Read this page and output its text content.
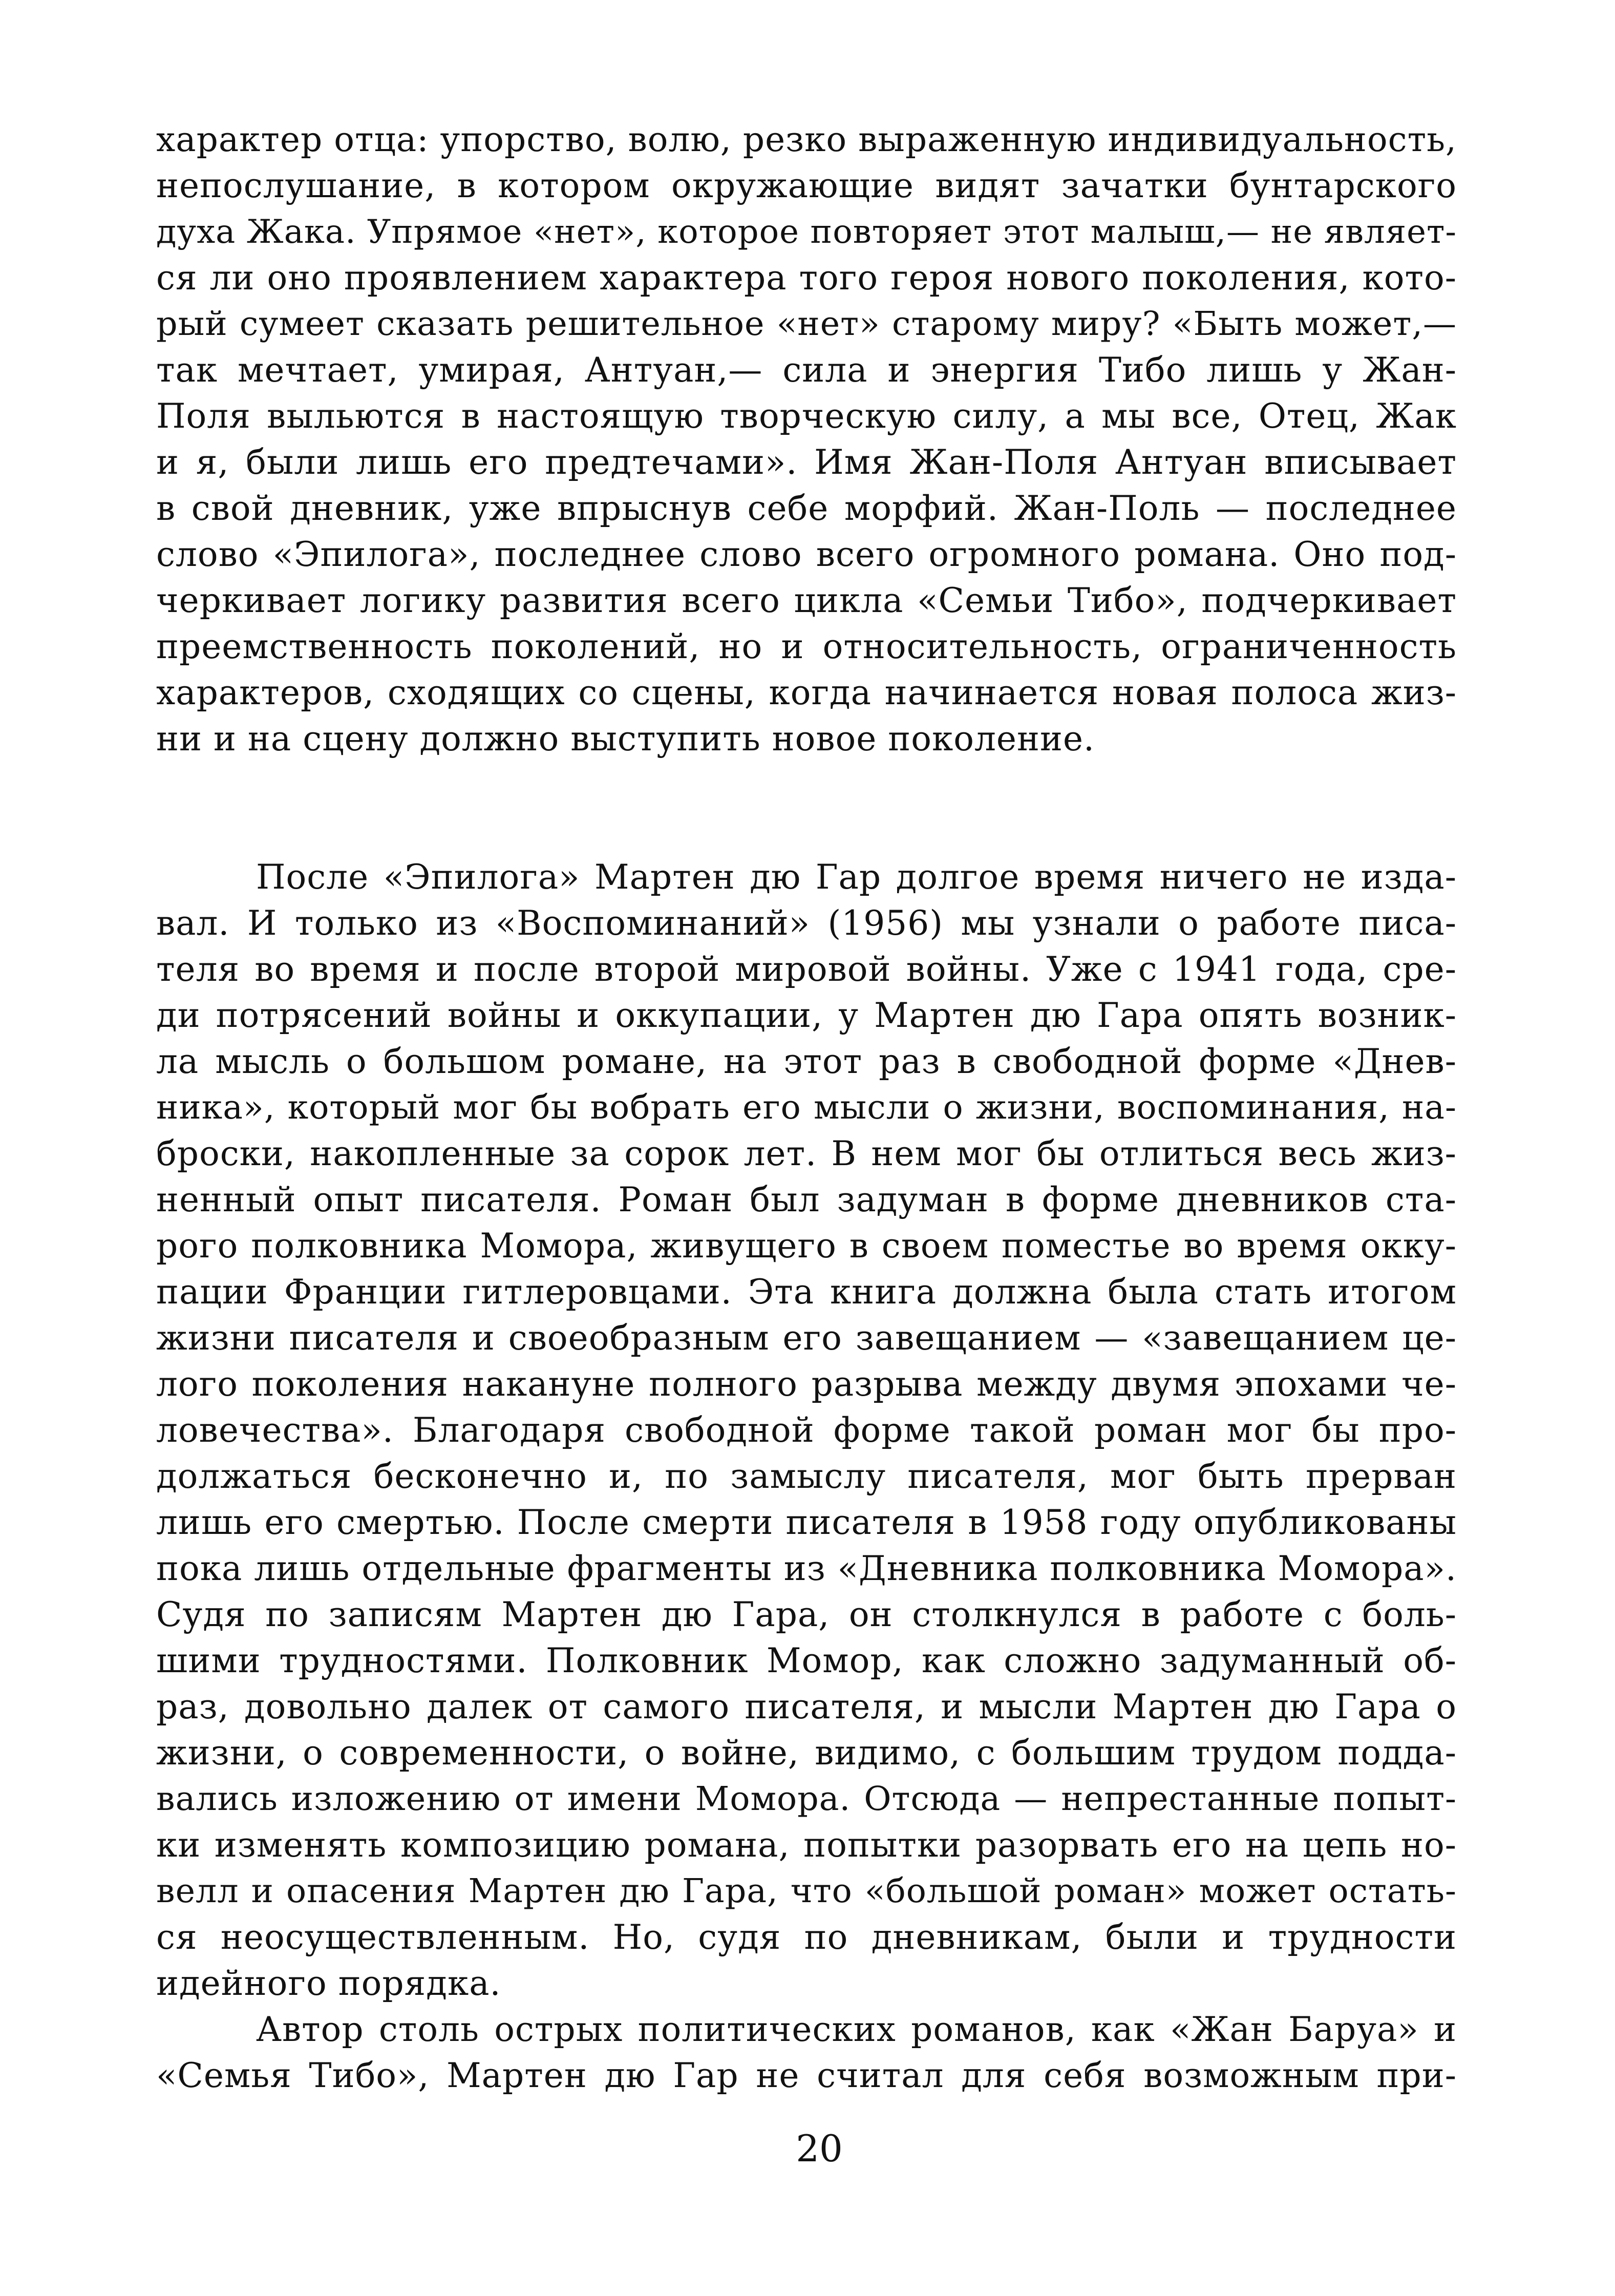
характер отца: упорство, волю, резко выраженную индивидуальность,
непослушание, в котором окружающие видят зачатки бунтарского
духа Жака. Упрямое «нет», которое повторяет этот малыш,— не являет-
ся ли оно проявлением характера того героя нового поколения, кото-
рый сумеет сказать решительное «нет» старому миру? «Быть может,—
так мечтает, умирая, Антуан,— сила и энергия Тибо лишь у Жан-
Поля выльются в настоящую творческую силу, а мы все, Отец, Жак
и я, были лишь его предтечами». Имя Жан-Поля Антуан вписывает
в свой дневник, уже впрыснув себе морфий. Жан-Поль — последнее
слово «Эпилога», последнее слово всего огромного романа. Оно под-
черкивает логику развития всего цикла «Семьи Тибо», подчеркивает
преемственность поколений, но и относительность, ограниченность
характеров, сходящих со сцены, когда начинается новая полоса жиз-
ни и на сцену должно выступить новое поколение.
После «Эпилога» Мартен дю Гар долгое время ничего не изда-
вал. И только из «Воспоминаний» (1956) мы узнали о работе писа-
теля во время и после второй мировой войны. Уже с 1941 года, сре-
ди потрясений войны и оккупации, у Мартен дю Гара опять возник-
ла мысль о большом романе, на этот раз в свободной форме «Днев-
ника», который мог бы вобрать его мысли о жизни, воспоминания, на-
броски, накопленные за сорок лет. В нем мог бы отлиться весь жиз-
ненный опыт писателя. Роман был задуман в форме дневников ста-
рого полковника Момора, живущего в своем поместье во время окку-
пации Франции гитлеровцами. Эта книга должна была стать итогом
жизни писателя и своеобразным его завещанием — «завещанием це-
лого поколения накануне полного разрыва между двумя эпохами че-
ловечества». Благодаря свободной форме такой роман мог бы про-
должаться бесконечно и, по замыслу писателя, мог быть прерван
лишь его смертью. После смерти писателя в 1958 году опубликованы
пока лишь отдельные фрагменты из «Дневника полковника Момора».
Судя по записям Мартен дю Гара, он столкнулся в работе с боль-
шими трудностями. Полковник Момор, как сложно задуманный об-
раз, довольно далек от самого писателя, и мысли Мартен дю Гара о
жизни, о современности, о войне, видимо, с большим трудом подда-
вались изложению от имени Момора. Отсюда — непрестанные попыт-
ки изменять композицию романа, попытки разорвать его на цепь но-
велл и опасения Мартен дю Гара, что «большой роман» может остать-
ся неосуществленным. Но, судя по дневникам, были и трудности
идейного порядка.
Автор столь острых политических романов, как «Жан Баруа» и
«Семья Тибо», Мартен дю Гар не считал для себя возможным при-
20
